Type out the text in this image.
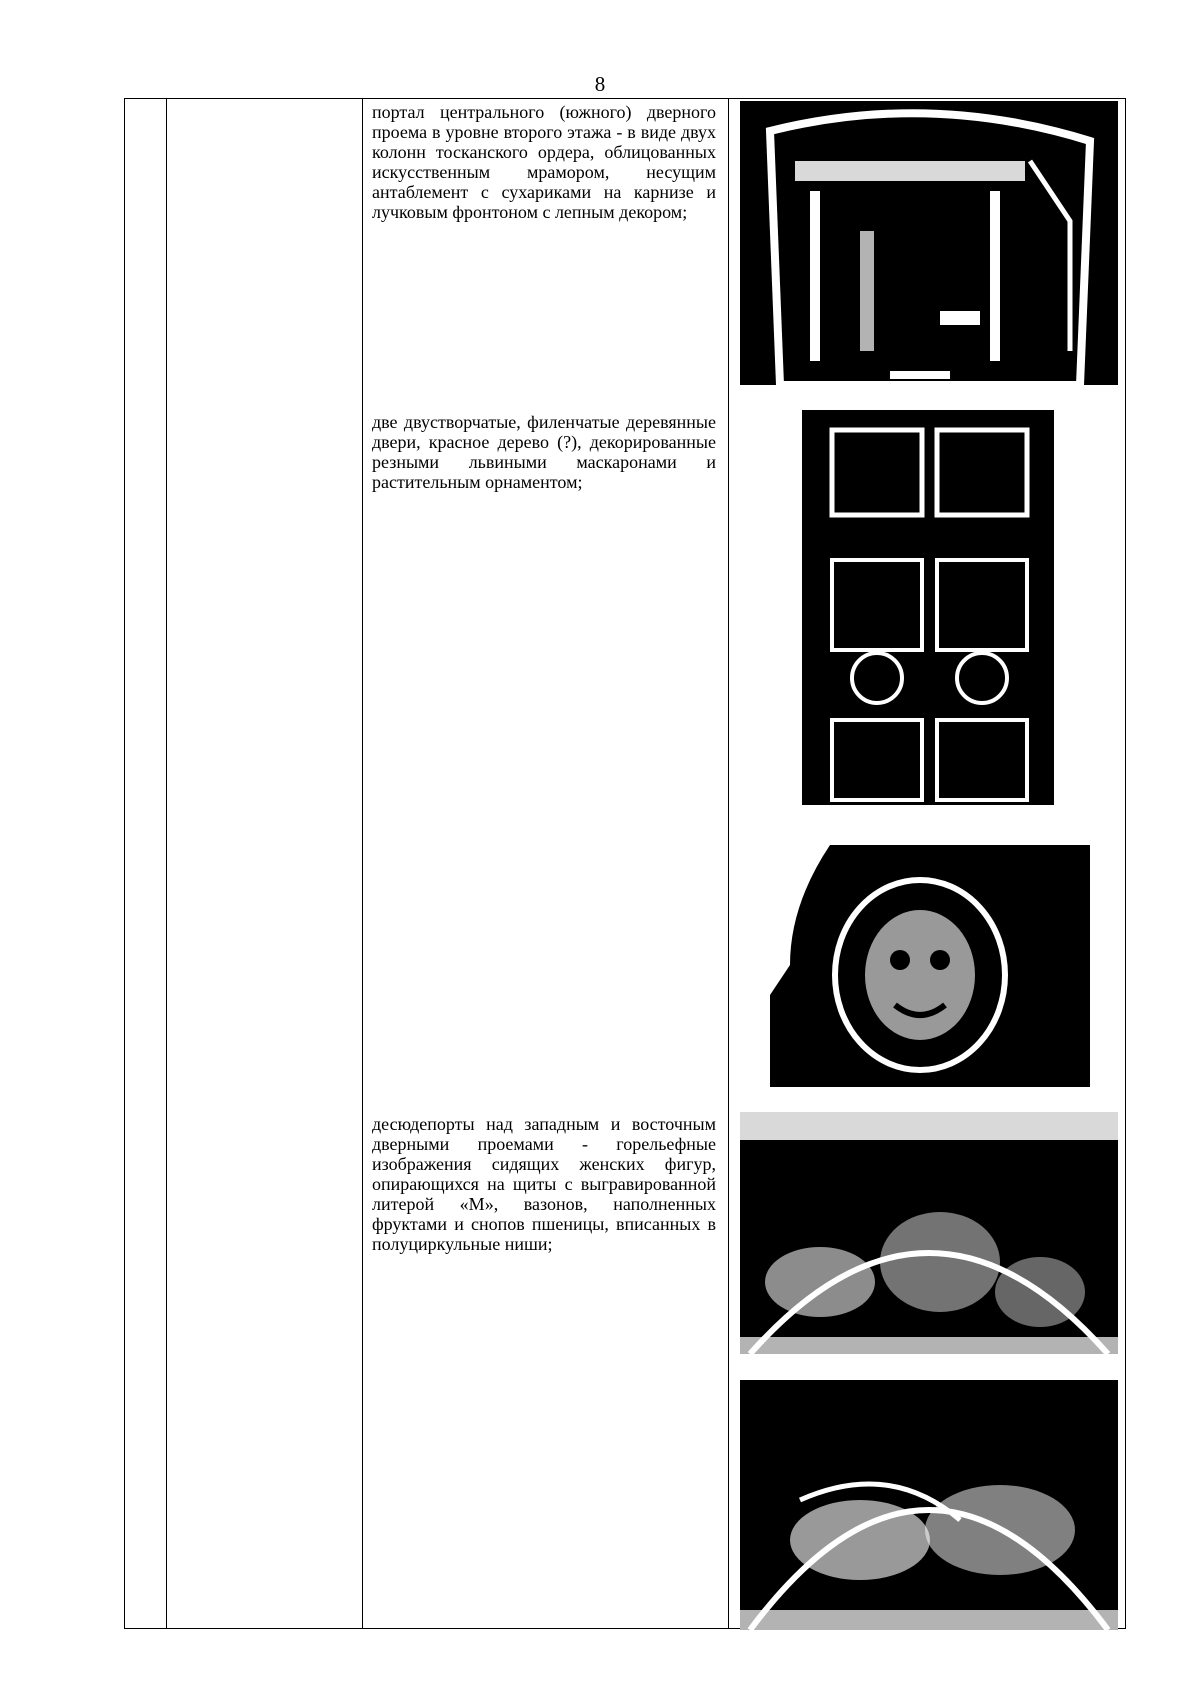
8
портал центрального (южного) дверного проема в уровне второго этажа - в виде двух колонн тосканского ордера, облицованных искусственным мрамором, несущим антаблемент с сухариками на карнизе и лучковым фронтоном с лепным декором;
две двустворчатые, филенчатые деревянные двери, красное дерево (?), декорированные резными львиными маскаронами и растительным орнаментом;
десюдепорты над западным и восточным дверными проемами - горельефные изображения сидящих женских фигур, опирающихся на щиты с выгравированной литерой «М», вазонов, наполненных фруктами и снопов пшеницы, вписанных в полуциркульные ниши;
